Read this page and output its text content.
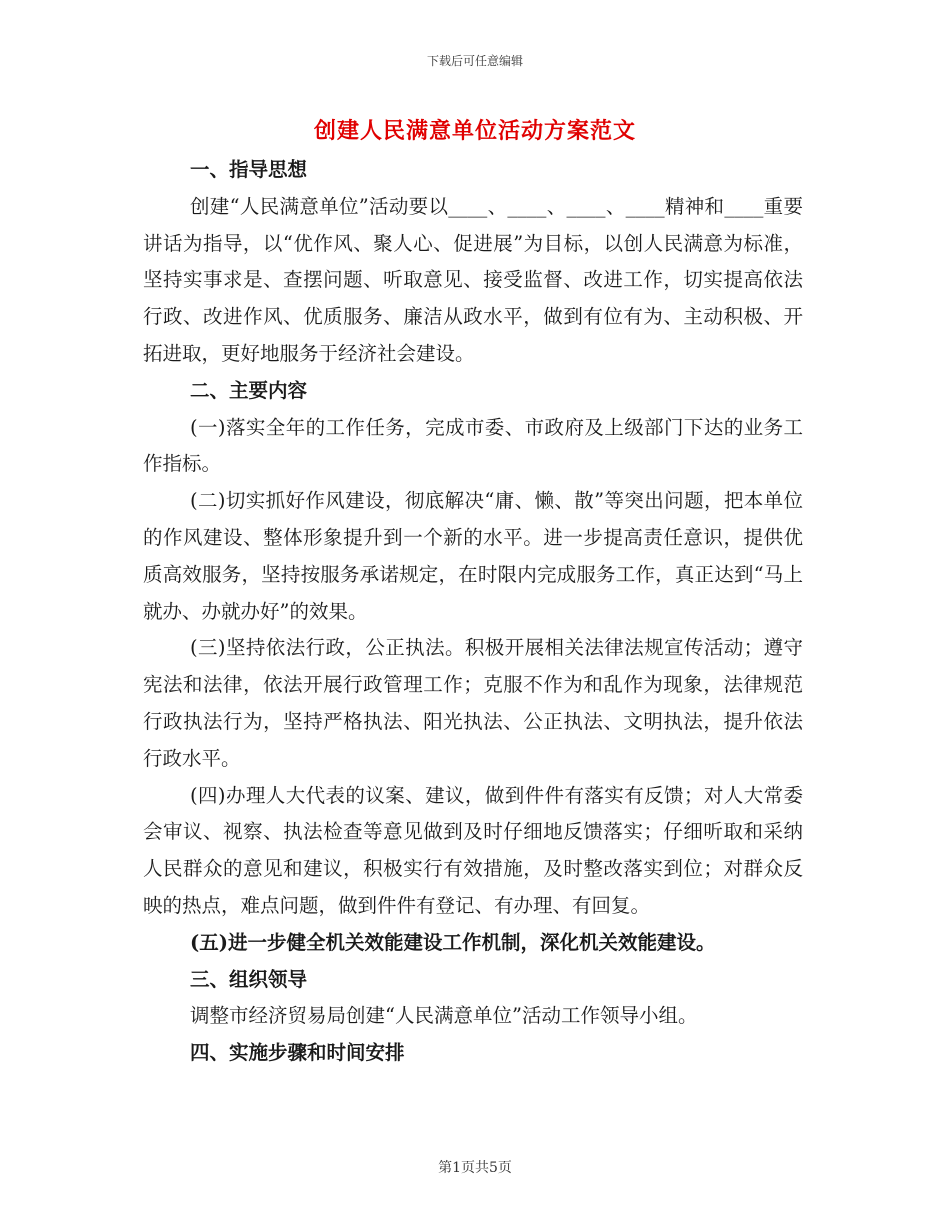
下载后可任意编辑
创建人民满意单位活动方案范文

一、指导思想

创建“人民满意单位”活动要以____、____、____、____精神和____重要讲话为指导，以“优作风、聚人心、促进展”为目标，以创人民满意为标准，坚持实事求是、查摆问题、听取意见、接受监督、改进工作，切实提高依法行政、改进作风、优质服务、廉洁从政水平，做到有位有为、主动积极、开拓进取，更好地服务于经济社会建设。

二、主要内容

(一)落实全年的工作任务，完成市委、市政府及上级部门下达的业务工作指标。

(二)切实抓好作风建设，彻底解决“庸、懒、散”等突出问题，把本单位的作风建设、整体形象提升到一个新的水平。进一步提高责任意识，提供优质高效服务，坚持按服务承诺规定，在时限内完成服务工作，真正达到“马上就办、办就办好”的效果。

(三)坚持依法行政，公正执法。积极开展相关法律法规宣传活动；遵守宪法和法律，依法开展行政管理工作；克服不作为和乱作为现象，法律规范行政执法行为，坚持严格执法、阳光执法、公正执法、文明执法，提升依法行政水平。

(四)办理人大代表的议案、建议，做到件件有落实有反馈；对人大常委会审议、视察、执法检查等意见做到及时仔细地反馈落实；仔细听取和采纳人民群众的意见和建议，积极实行有效措施，及时整改落实到位；对群众反映的热点，难点问题，做到件件有登记、有办理、有回复。

(五)进一步健全机关效能建设工作机制，深化机关效能建设。

三、组织领导

调整市经济贸易局创建“人民满意单位”活动工作领导小组。

四、实施步骤和时间安排

第1页共5页
